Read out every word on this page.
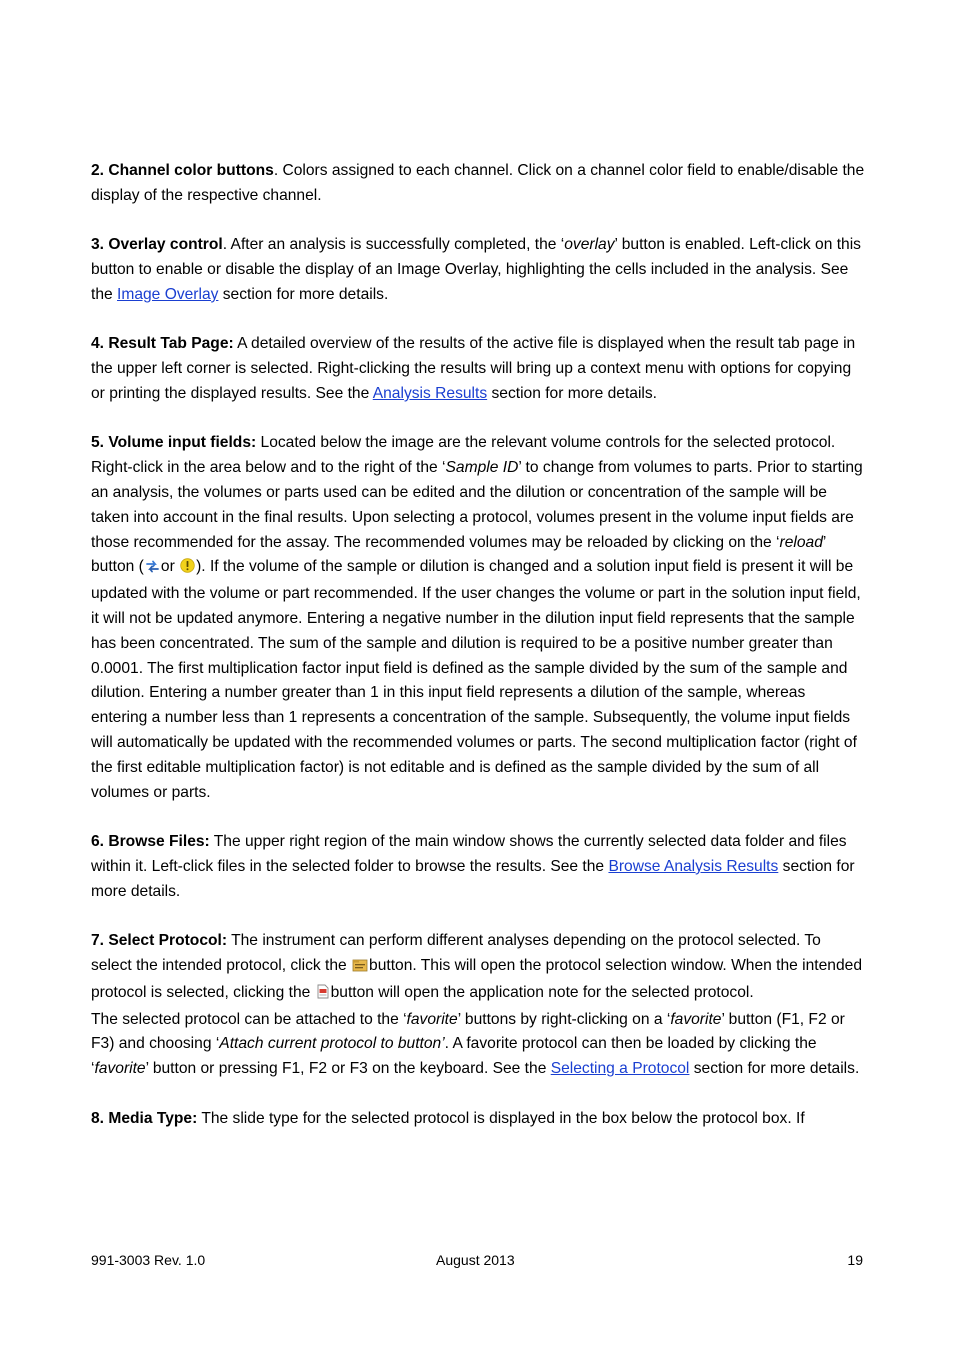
2. Channel color buttons. Colors assigned to each channel. Click on a channel color field to enable/disable the display of the respective channel.

3. Overlay control. After an analysis is successfully completed, the ‘overlay’ button is enabled. Left-click on this button to enable or disable the display of an Image Overlay, highlighting the cells included in the analysis. See the Image Overlay section for more details.

4. Result Tab Page: A detailed overview of the results of the active file is displayed when the result tab page in the upper left corner is selected. Right-clicking the results will bring up a context menu with options for copying or printing the displayed results. See the Analysis Results section for more details.

5. Volume input fields: Located below the image are the relevant volume controls for the selected protocol. Right-click in the area below and to the right of the ‘Sample ID’ to change from volumes to parts. Prior to starting an analysis, the volumes or parts used can be edited and the dilution or concentration of the sample will be taken into account in the final results. Upon selecting a protocol, volumes present in the volume input fields are those recommended for the assay. The recommended volumes may be reloaded by clicking on the ‘reload’ button ( or ). If the volume of the sample or dilution is changed and a solution input field is present it will be updated with the volume or part recommended. If the user changes the volume or part in the solution input field, it will not be updated anymore. Entering a negative number in the dilution input field represents that the sample has been concentrated. The sum of the sample and dilution is required to be a positive number greater than 0.0001. The first multiplication factor input field is defined as the sample divided by the sum of the sample and dilution. Entering a number greater than 1 in this input field represents a dilution of the sample, whereas entering a number less than 1 represents a concentration of the sample. Subsequently, the volume input fields will automatically be updated with the recommended volumes or parts. The second multiplication factor (right of the first editable multiplication factor) is not editable and is defined as the sample divided by the sum of all volumes or parts.

6. Browse Files: The upper right region of the main window shows the currently selected data folder and files within it. Left-click files in the selected folder to browse the results. See the Browse Analysis Results section for more details.

7. Select Protocol: The instrument can perform different analyses depending on the protocol selected. To select the intended protocol, click the button. This will open the protocol selection window. When the intended protocol is selected, clicking the button will open the application note for the selected protocol.

The selected protocol can be attached to the ‘favorite’ buttons by right-clicking on a ‘favorite’ button (F1, F2 or F3) and choosing ‘Attach current protocol to button’. A favorite protocol can then be loaded by clicking the ‘favorite’ button or pressing F1, F2 or F3 on the keyboard. See the Selecting a Protocol section for more details.

8. Media Type: The slide type for the selected protocol is displayed in the box below the protocol box. If

991-3003 Rev. 1.0	August 2013	19
